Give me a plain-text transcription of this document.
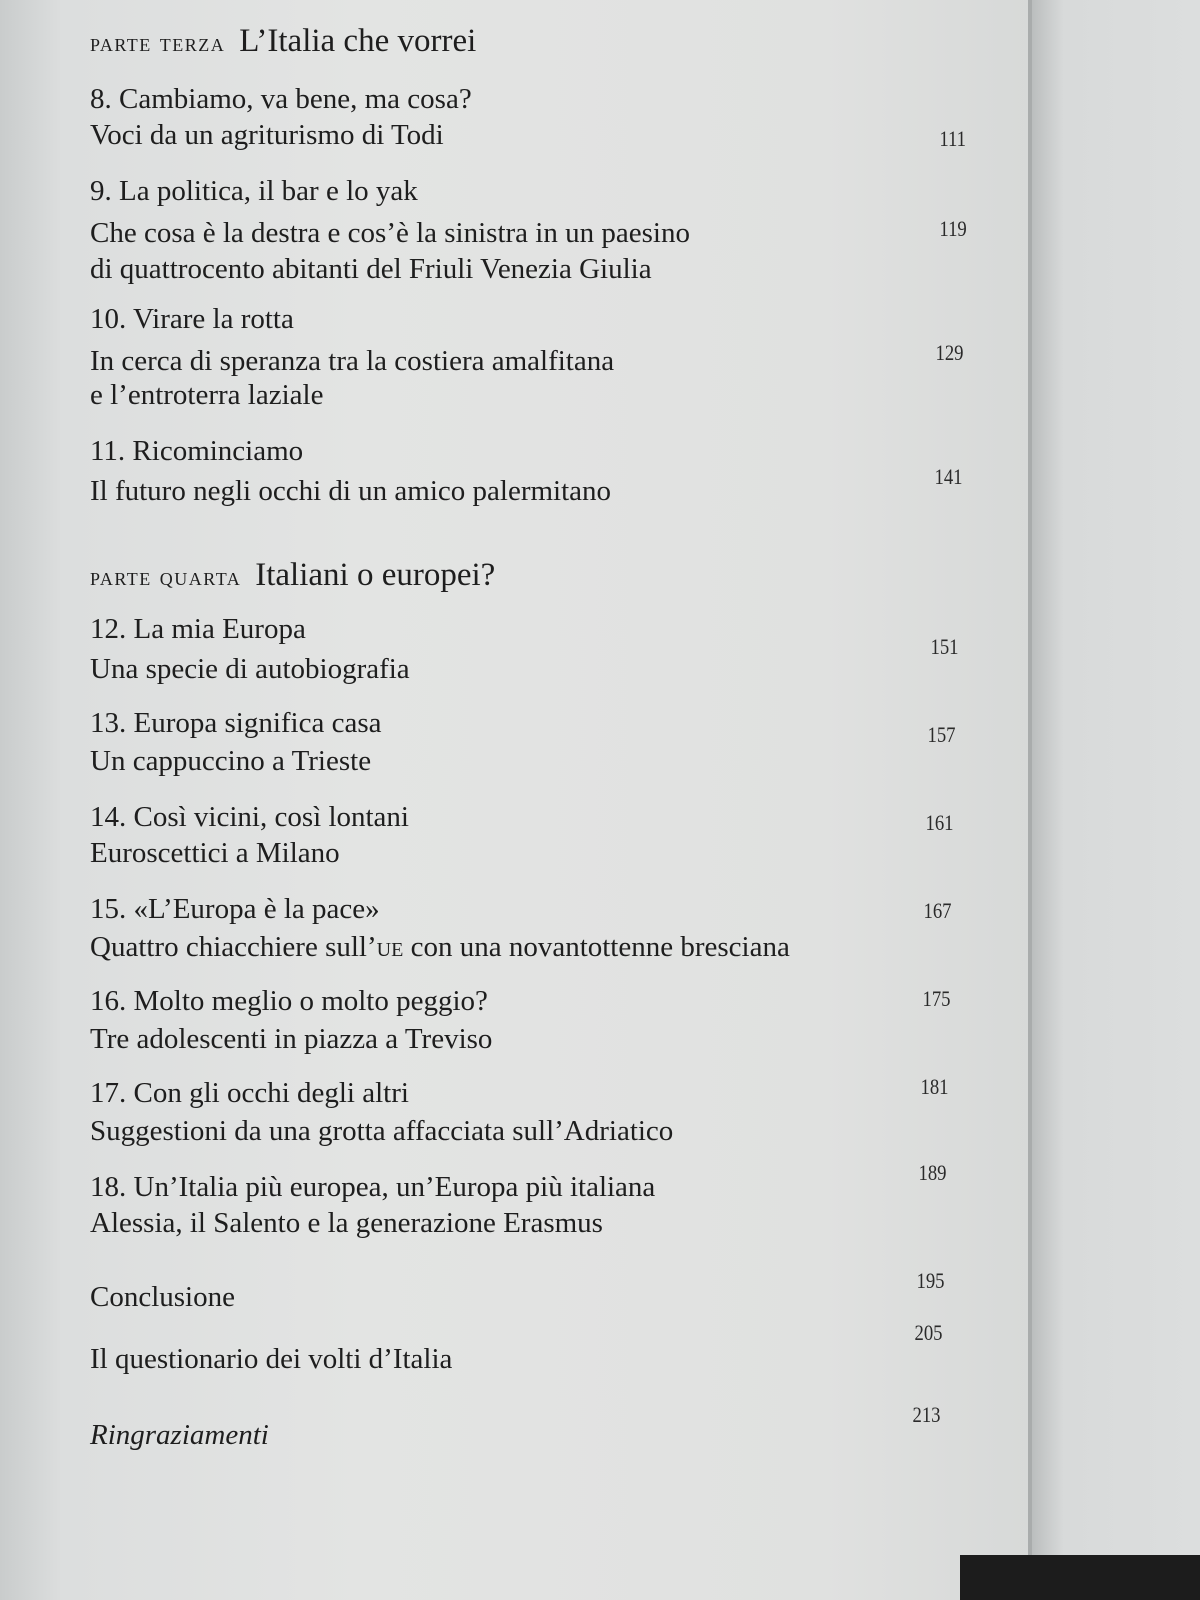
parte terza L’Italia che vorrei
8. Cambiamo, va bene, ma cosa?
Voci da un agriturismo di Todi	111
9. La politica, il bar e lo yak
Che cosa è la destra e cos’è la sinistra in un paesino
di quattrocento abitanti del Friuli Venezia Giulia
119
10. Virare la rotta
In cerca di speranza tra la costiera amalfitana
e l’entroterra laziale
129
11. Ricominciamo
Il futuro negli occhi di un amico palermitano	141
parte quarta Italiani o europei?
12. La mia Europa
Una specie di autobiografia
151
13. Europa significa casa
Un cappuccino a Trieste
157
14. Così vicini, così lontani
Euroscettici a Milano
161
15. «L’Europa è la pace»
Quattro chiacchiere sull’ue con una novantottenne bresciana
167
16. Molto meglio o molto peggio?
Tre adolescenti in piazza a Treviso
175
17. Con gli occhi degli altri
Suggestioni da una grotta affacciata sull’Adriatico
181
18. Un’Italia più europea, un’Europa più italiana
Alessia, il Salento e la generazione Erasmus
189
Conclusione
195
Il questionario dei volti d’Italia
205
Ringraziamenti
213
